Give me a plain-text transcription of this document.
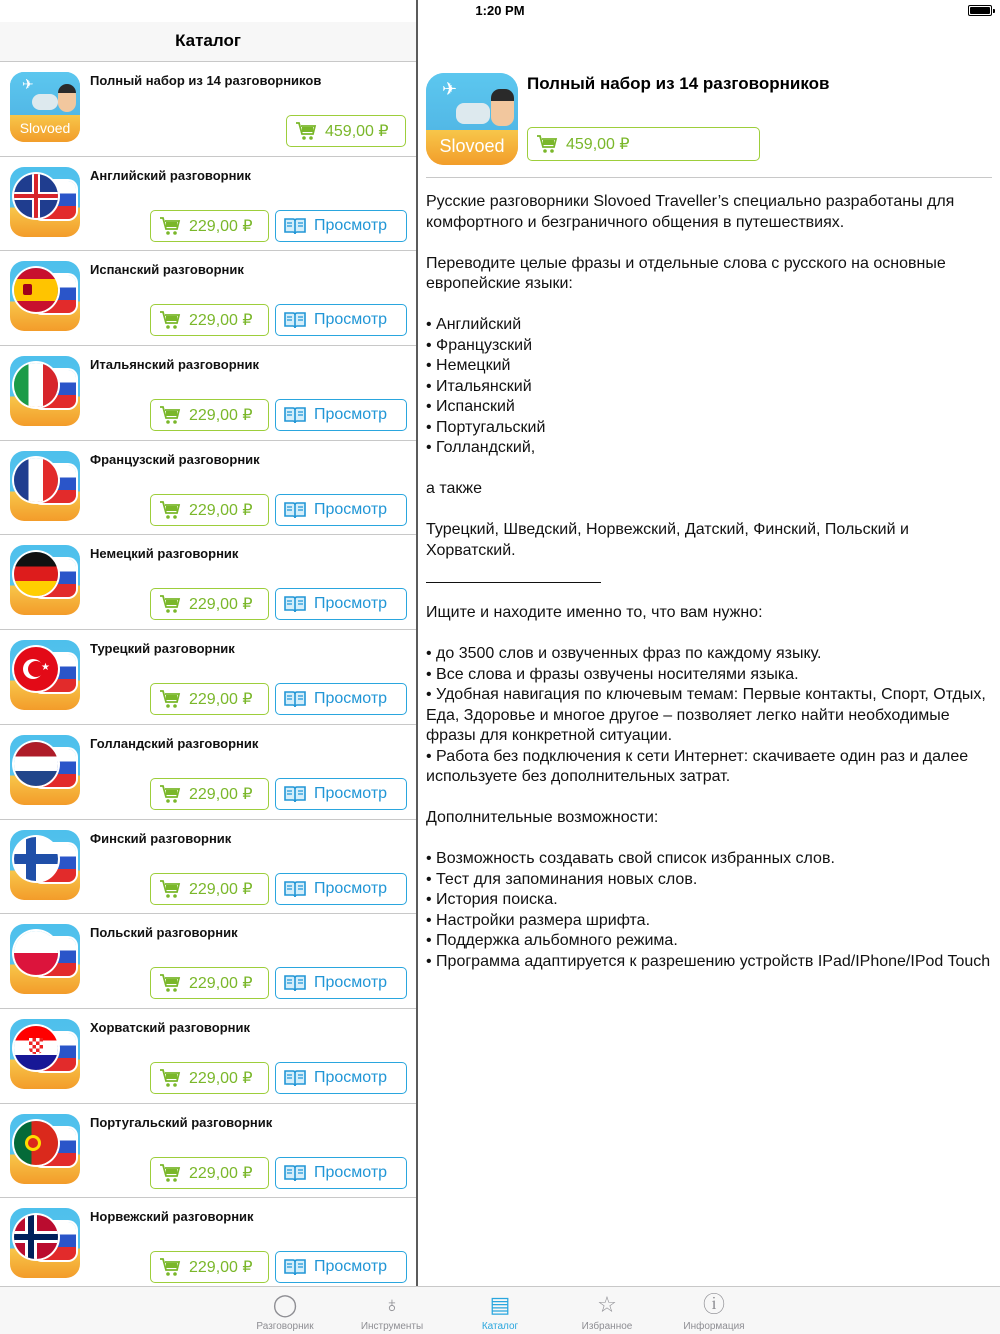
1:20 PM
Каталог
✈
Slovoed
Полный набор из 14 разговорников
459,00 ₽
Английский разговорник
229,00 ₽	Просмотр
Испанский разговорник
229,00 ₽	Просмотр
Итальянский разговорник
229,00 ₽	Просмотр
Французский разговорник
229,00 ₽	Просмотр
Немецкий разговорник
229,00 ₽	Просмотр
★
Турецкий разговорник
229,00 ₽	Просмотр
Голландский разговорник
229,00 ₽	Просмотр
Финский разговорник
229,00 ₽	Просмотр
Польский разговорник
229,00 ₽	Просмотр
Хорватский разговорник
229,00 ₽	Просмотр
Португальский разговорник
229,00 ₽	Просмотр
Норвежский разговорник
229,00 ₽	Просмотр
✈
Slovoed
Полный набор из 14 разговорников
459,00 ₽

Русские разговорники Slovoed Traveller’s специально разработаны для комфортного и безграничного общения в путешествиях.

Переводите целые фразы и отдельные слова с русского на основные европейские языки:

• Английский
• Французский
• Немецкий
• Итальянский
• Испанский
• Португальский
• Голландский,

а также

Турецкий, Шведский, Норвежский, Датский, Финский, Польский и Хорватский.

Ищите и находите именно то, что вам нужно:

• до 3500 слов и озвученных фраз по каждому языку.
• Все слова и фразы озвучены носителями языка.
• Удобная навигация по ключевым темам: Первые контакты, Спорт, Отдых, Еда, Здоровье и многое другое – позволяет легко найти необходимые фразы для конкретной ситуации.
• Работа без подключения к сети Интернет: скачиваете один раз и далее используете без дополнительных затрат.

Дополнительные возможности:

• Возможность создавать свой список избранных слов.
• Тест для запоминания новых слов.
• История поиска.
• Настройки размера шрифта.
• Поддержка альбомного режима.
• Программа адаптируется к разрешению устройств IPad/IPhone/IPod Touch

◯
Разговорник
♁
Инструменты
▤
Каталог
☆
Избранное
ⓘ
Информация
